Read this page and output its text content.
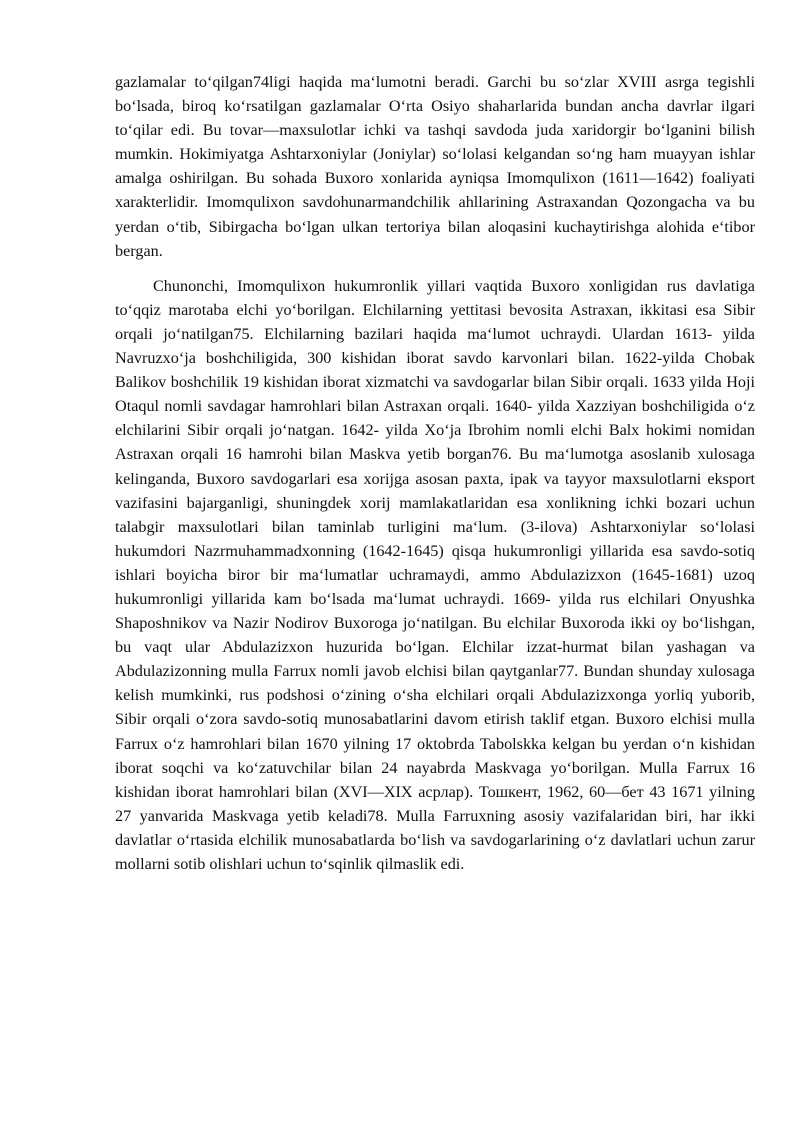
gazlamalar to‘qilgan74ligi haqida ma‘lumotni beradi. Garchi bu so‘zlar XVIII asrga tegishli bo‘lsada, biroq ko‘rsatilgan gazlamalar O‘rta Osiyo shaharlarida bundan ancha davrlar ilgari to‘qilar edi. Bu tovar—maxsulotlar ichki va tashqi savdoda juda xaridorgir bo‘lganini bilish mumkin. Hokimiyatga Ashtarxoniylar (Joniylar) so‘lolasi kelgandan so‘ng ham muayyan ishlar amalga oshirilgan. Bu sohada Buxoro xonlarida ayniqsa Imomqulixon (1611—1642) foaliyati xarakterlidir. Imomqulixon savdohunarmandchilik ahllarining Astraxandan Qozongacha va bu yerdan o‘tib, Sibirgacha bo‘lgan ulkan tertoriya bilan aloqasini kuchaytirishga alohida e‘tibor bergan.

Chunonchi, Imomqulixon hukumronlik yillari vaqtida Buxoro xonligidan rus davlatiga to‘qqiz marotaba elchi yo‘borilgan. Elchilarning yettitasi bevosita Astraxan, ikkitasi esa Sibir orqali jo‘natilgan75. Elchilarning bazilari haqida ma‘lumot uchraydi. Ulardan 1613- yilda Navruzxo‘ja boshchiligida, 300 kishidan iborat savdo karvonlari bilan. 1622-yilda Chobak Balikov boshchilik 19 kishidan iborat xizmatchi va savdogarlar bilan Sibir orqali. 1633 yilda Hoji Otaqul nomli savdagar hamrohlari bilan Astraxan orqali. 1640- yilda Xazziyan boshchiligida o‘z elchilarini Sibir orqali jo‘natgan. 1642- yilda Xo‘ja Ibrohim nomli elchi Balx hokimi nomidan Astraxan orqali 16 hamrohi bilan Maskva yetib borgan76. Bu ma‘lumotga asoslanib xulosaga kelinganda, Buxoro savdogarlari esa xorijga asosan paxta, ipak va tayyor maxsulotlarni eksport vazifasini bajarganligi, shuningdek xorij mamlakatlaridan esa xonlikning ichki bozari uchun talabgir maxsulotlari bilan taminlab turligini ma‘lum. (3-ilova) Ashtarxoniylar so‘lolasi hukumdori Nazrmuhammadxonning (1642-1645) qisqa hukumronligi yillarida esa savdo-sotiq ishlari boyicha biror bir ma‘lumatlar uchramaydi, ammo Abdulazizxon (1645-1681) uzoq hukumronligi yillarida kam bo‘lsada ma‘lumat uchraydi. 1669- yilda rus elchilari Onyushka Shaposhnikov va Nazir Nodirov Buxoroga jo‘natilgan. Bu elchilar Buxoroda ikki oy bo‘lishgan, bu vaqt ular Abdulazizxon huzurida bo‘lgan. Elchilar izzat-hurmat bilan yashagan va Abdulazizonning mulla Farrux nomli javob elchisi bilan qaytganlar77. Bundan shunday xulosaga kelish mumkinki, rus podshosi o‘zining o‘sha elchilari orqali Abdulazizxonga yorliq yuborib, Sibir orqali o‘zora savdo-sotiq munosabatlarini davom etirish taklif etgan. Buxoro elchisi mulla Farrux o‘z hamrohlari bilan 1670 yilning 17 oktobrda Tabolskka kelgan bu yerdan o‘n kishidan iborat soqchi va ko‘zatuvchilar bilan 24 nayabrda Maskvaga yo‘borilgan. Mulla Farrux 16 kishidan iborat hamrohlari bilan (XVI—XIX асрлар). Тошкент, 1962, 60—бет 43 1671 yilning 27 yanvarida Maskvaga yetib keladi78. Mulla Farruxning asosiy vazifalaridan biri, har ikki davlatlar o‘rtasida elchilik munosabatlarda bo‘lish va savdogarlarining o‘z davlatlari uchun zarur mollarni sotib olishlari uchun to‘sqinlik qilmaslik edi.
